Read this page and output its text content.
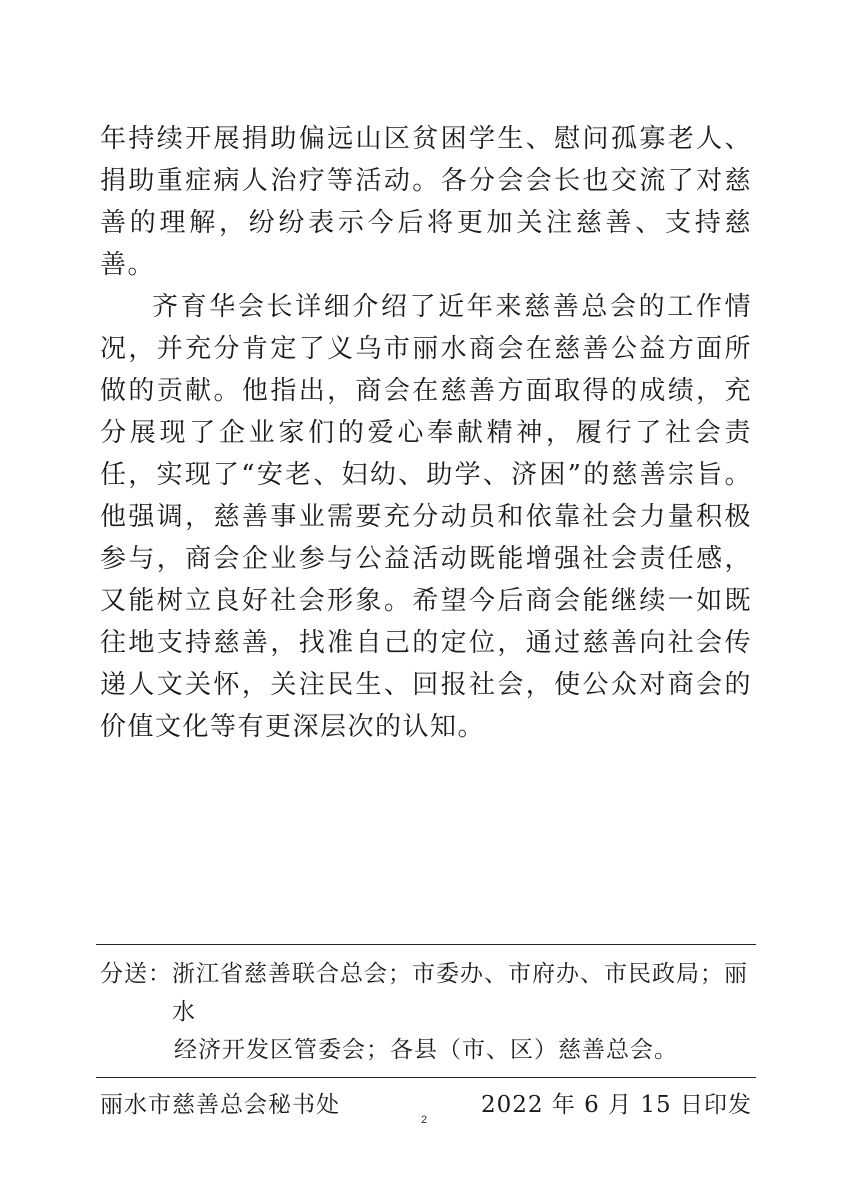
年持续开展捐助偏远山区贫困学生、慰问孤寡老人、捐助重症病人治疗等活动。各分会会长也交流了对慈善的理解，纷纷表示今后将更加关注慈善、支持慈善。

齐育华会长详细介绍了近年来慈善总会的工作情况，并充分肯定了义乌市丽水商会在慈善公益方面所做的贡献。他指出，商会在慈善方面取得的成绩，充分展现了企业家们的爱心奉献精神，履行了社会责任，实现了“安老、妇幼、助学、济困”的慈善宗旨。他强调，慈善事业需要充分动员和依靠社会力量积极参与，商会企业参与公益活动既能增强社会责任感，又能树立良好社会形象。希望今后商会能继续一如既往地支持慈善，找准自己的定位，通过慈善向社会传递人文关怀，关注民生、回报社会，使公众对商会的价值文化等有更深层次的认知。

分送： 浙江省慈善联合总会；市委办、市府办、市民政局；丽水
经济开发区管委会；各县（市、区）慈善总会。
丽水市慈善总会秘书处	2022 年 6 月 15 日印发
2
